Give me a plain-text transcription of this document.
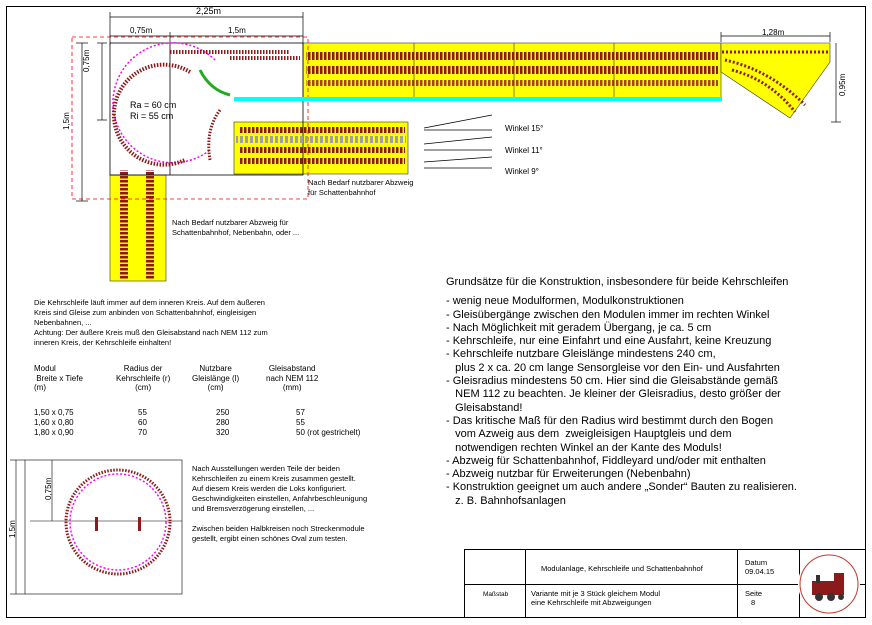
2,25m
0,75m	1,5m	1,28m
0,75m
1,5m
0,95m
Ra = 60 cm
Ri = 55 cm
Winkel 15°
Winkel 11°
Winkel 9°
Nach Bedarf nutzbarer Abzweig
für Schattenbahnhof
Nach Bedarf nutzbarer Abzweig für
Schattenbahnhof, Nebenbahn, oder ...
Die Kehrschleife läuft immer auf dem inneren Kreis. Auf dem äußeren
Kreis sind Gleise zum anbinden von Schattenbahnhof, eingleisigen
Nebenbahnen, ...
Achtung: Der äußere Kreis muß den Gleisabstand nach NEM 112 zum
inneren Kreis, der Kehrschleife einhalten!
Nach Ausstellungen werden Teile der beiden
Kehrschleifen zu einem Kreis zusammen gestellt.
Auf diesem Kreis werden die Loks konfiguriert.
Geschwindigkeiten einstellen, Anfahrbeschleunigung
und Bremsverzögerung einstellen, ...
Zwischen beiden Halbkreisen noch Streckenmodule
gestellt, ergibt einen schönes Oval zum testen.
0,75m
1,5m
Modul
Breite x Tiefe
(m)
Radius der
Kehrschleife (r)
(cm)
Nutzbare
Gleislänge (l)
(cm)
Gleisabstand
nach NEM 112
(mm)
1,50 x 0,75	55	250	57
1,60 x 0,80	60	280	55
1,80 x 0,90	70	320	50 (rot gestrichelt)
Grundsätze für die Konstruktion, insbesondere für beide Kehrschleifen
- wenig neue Modulformen, Modulkonstruktionen
- Gleisübergänge zwischen den Modulen immer im rechten Winkel
- Nach Möglichkeit mit geradem Übergang, je ca. 5 cm
- Kehrschleife, nur eine Einfahrt und eine Ausfahrt, keine Kreuzung
- Kehrschleife nutzbare Gleislänge mindestens 240 cm,
plus 2 x ca. 20 cm lange Sensorgleise vor den Ein- und Ausfahrten
- Gleisradius mindestens 50 cm. Hier sind die Gleisabstände gemäß
NEM 112 zu beachten. Je kleiner der Gleisradius, desto größer der
Gleisabstand!
- Das kritische Maß für den Radius wird bestimmt durch den Bogen
vom Azweig aus dem  zweigleisigen Hauptgleis und dem
notwendigen rechten Winkel an der Kante des Moduls!
- Abzweig für Schattenbahnhof, Fiddleyard und/oder mit enthalten
- Abzweig nutzbar für Erweiterungen (Nebenbahn)
- Konstruktion geeignet um auch andere „Sonder“ Bauten zu realisieren.
z. B. Bahnhofsanlagen
Modulanlage, Kehrschleife und Schattenbahnhof
Datum
09.04.15
Maßstab	Variante mit je 3 Stück gleichem Modul
eine Kehrschleife mit Abzweigungen
Seite
8
